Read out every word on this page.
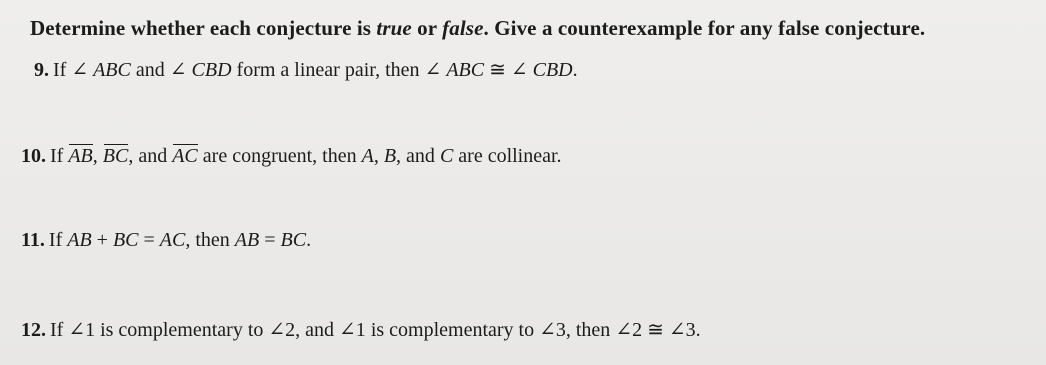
Determine whether each conjecture is true or false. Give a counterexample for any false conjecture.
9. If ∠ ABC and ∠ CBD form a linear pair, then ∠ ABC ≅ ∠ CBD.
10. If AB, BC, and AC are congruent, then A, B, and C are collinear.
11. If AB + BC = AC, then AB = BC.
12. If ∠1 is complementary to ∠2, and ∠1 is complementary to ∠3, then ∠2 ≅ ∠3.
